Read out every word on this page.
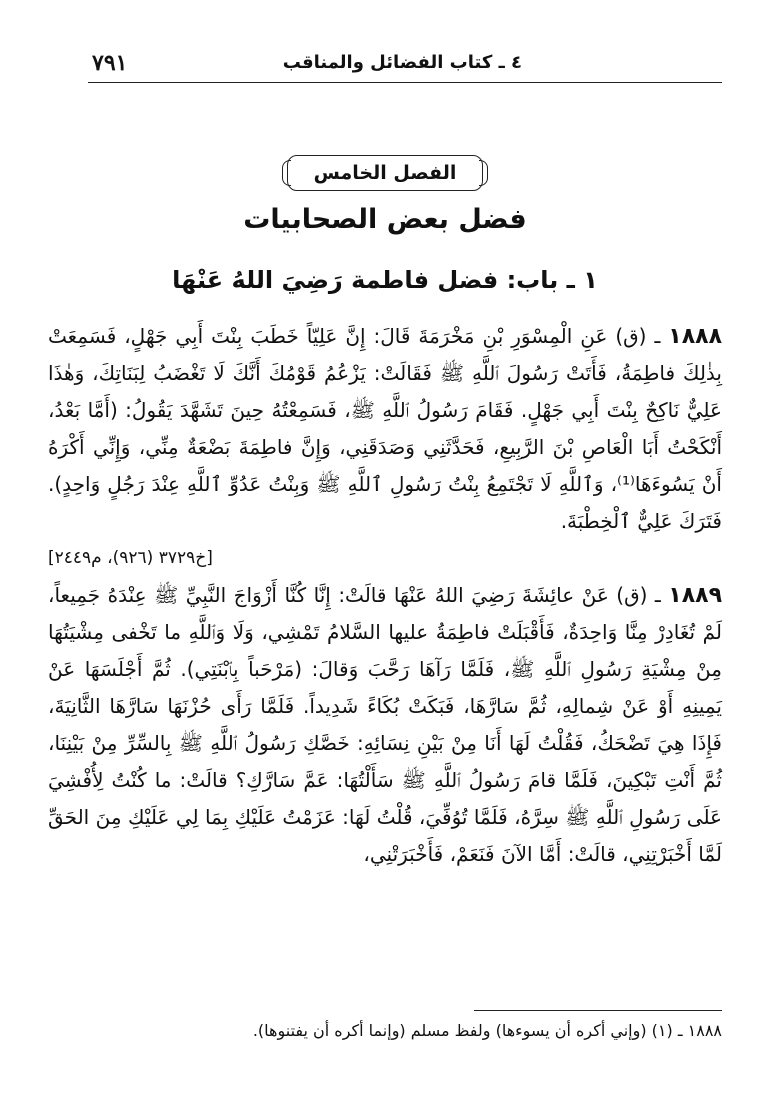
٧٩١	٤ ـ كتاب الفضائل والمناقب
الفصل الخامس
فضل بعض الصحابيات
١ ـ باب: فضل فاطمة رَضِيَ اللهُ عَنْهَا

١٨٨٨ ـ (ق) عَنِ الْمِسْوَرِ بْنِ مَخْرَمَةَ قَالَ: إِنَّ عَلِيّاً خَطَبَ بِنْتَ أَبِي جَهْلٍ، فَسَمِعَتْ بِذٰلِكَ فاطِمَةُ، فَأَتَتْ رَسُولَ ٱللَّهِ ﷺ فَقَالَتْ: يَزْعُمُ قَوْمُكَ أَنَّكَ لَا تَغْضَبُ لِبَنَاتِكَ، وَهٰذَا عَلِيٌّ نَاكِحٌ بِنْتَ أَبِي جَهْلٍ. فَقَامَ رَسُولُ ٱللَّهِ ﷺ، فَسَمِعْتُهُ حِينَ تَشَهَّدَ يَقُولُ: (أَمَّا بَعْدُ، أَنْكَحْتُ أَبَا الْعَاصِ بْنَ الرَّبِيعِ، فَحَدَّثَنِي وَصَدَقَنِي، وَإِنَّ فاطِمَةَ بَضْعَةٌ مِنِّي، وَإِنِّي أَكْرَهُ أَنْ يَسُوءَهَا⁽¹⁾، وَٱللَّهِ لَا تَجْتَمِعُ بِنْتُ رَسُولِ ٱللَّهِ ﷺ وَبِنْتُ عَدُوِّ ٱللَّهِ عِنْدَ رَجُلٍ وَاحِدٍ). فَتَرَكَ عَلِيٌّ ٱلْخِطْبَةَ.

[خ٣٧٢٩ (٩٢٦)، م٢٤٤٩]

١٨٨٩ ـ (ق) عَنْ عائِشَةَ رَضِيَ اللهُ عَنْهَا قالَتْ: إِنَّا كُنَّا أَزْوَاجَ النَّبِيِّ ﷺ عِنْدَهُ جَمِيعاً، لَمْ تُغَادِرْ مِنَّا وَاحِدَةٌ، فَأَقْبَلَتْ فاطِمَةُ عليها السَّلامُ تَمْشِي، وَلَا وَٱللَّهِ ما تَخْفى مِشْيَتُهَا مِنْ مِشْيَةِ رَسُولِ ٱللَّهِ ﷺ، فَلَمَّا رَآهَا رَحَّبَ وَقالَ: (مَرْحَباً بِٱبْنَتِي). ثُمَّ أَجْلَسَهَا عَنْ يَمِينِهِ أَوْ عَنْ شِمالِهِ، ثُمَّ سَارَّهَا، فَبَكَتْ بُكَاءً شَدِيداً. فَلَمَّا رَأَى حُزْنَهَا سَارَّهَا الثَّانِيَةَ، فَإِذَا هِيَ تَضْحَكُ، فَقُلْتُ لَهَا أَنَا مِنْ بَيْنِ نِسَائِهِ: خَصَّكِ رَسُولُ ٱللَّهِ ﷺ بِالسِّرِّ مِنْ بَيْنِنَا، ثُمَّ أَنْتِ تَبْكِينَ، فَلَمَّا قامَ رَسُولُ ٱللَّهِ ﷺ سَأَلْتُهَا: عَمَّ سَارَّكِ؟ قالَتْ: ما كُنْتُ لِأُفْشِيَ عَلَى رَسُولِ ٱللَّهِ ﷺ سِرَّهُ، فَلَمَّا تُوُفِّيَ، قُلْتُ لَهَا: عَزَمْتُ عَلَيْكِ بِمَا لِي عَلَيْكِ مِنَ الحَقِّ لَمَّا أَخْبَرْتِنِي، قالَتْ: أَمَّا الآنَ فَنَعَمْ، فَأَخْبَرَتْنِي،

١٨٨٨ ـ (١) (وإني أكره أن يسوءها) ولفظ مسلم (وإنما أكره أن يفتنوها).
